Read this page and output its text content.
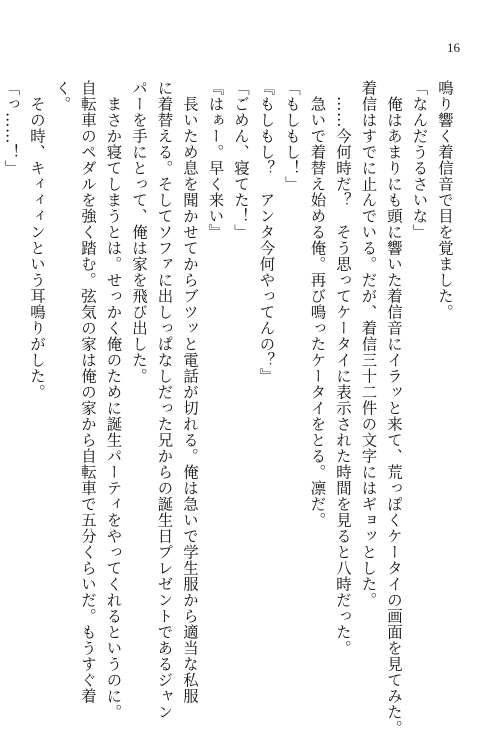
16
鳴り響く着信音で目を覚ました。
「なんだうるさいな」
　俺はあまりにも頭に響いた着信音にイラッと来て、荒っぽくケータイの画面を見てみた。
着信はすでに止んでいる。だが、着信三十二件の文字にはギョッとした。
　……今何時だ？　そう思ってケータイに表示された時間を見ると八時だった。
　急いで着替え始める俺。再び鳴ったケータイをとる。凛だ。
「もしもし！」
『もしもし？　アンタ今何やってんの？』
「ごめん、寝てた！」
『はぁー。早く来い』
　長いため息を聞かせてからブツッと電話が切れる。俺は急いで学生服から適当な私服
に着替える。そしてソファに出しっぱなしだった兄からの誕生日プレゼントであるジャン
パーを手にとって、俺は家を飛び出した。
　まさか寝てしまうとは。せっかく俺のために誕生パーティをやってくれるというのに。
自転車のペダルを強く踏む。弦気の家は俺の家から自転車で五分くらいだ。もうすぐ着
く。
　その時、キィィィンという耳鳴りがした。
「っ……！」
